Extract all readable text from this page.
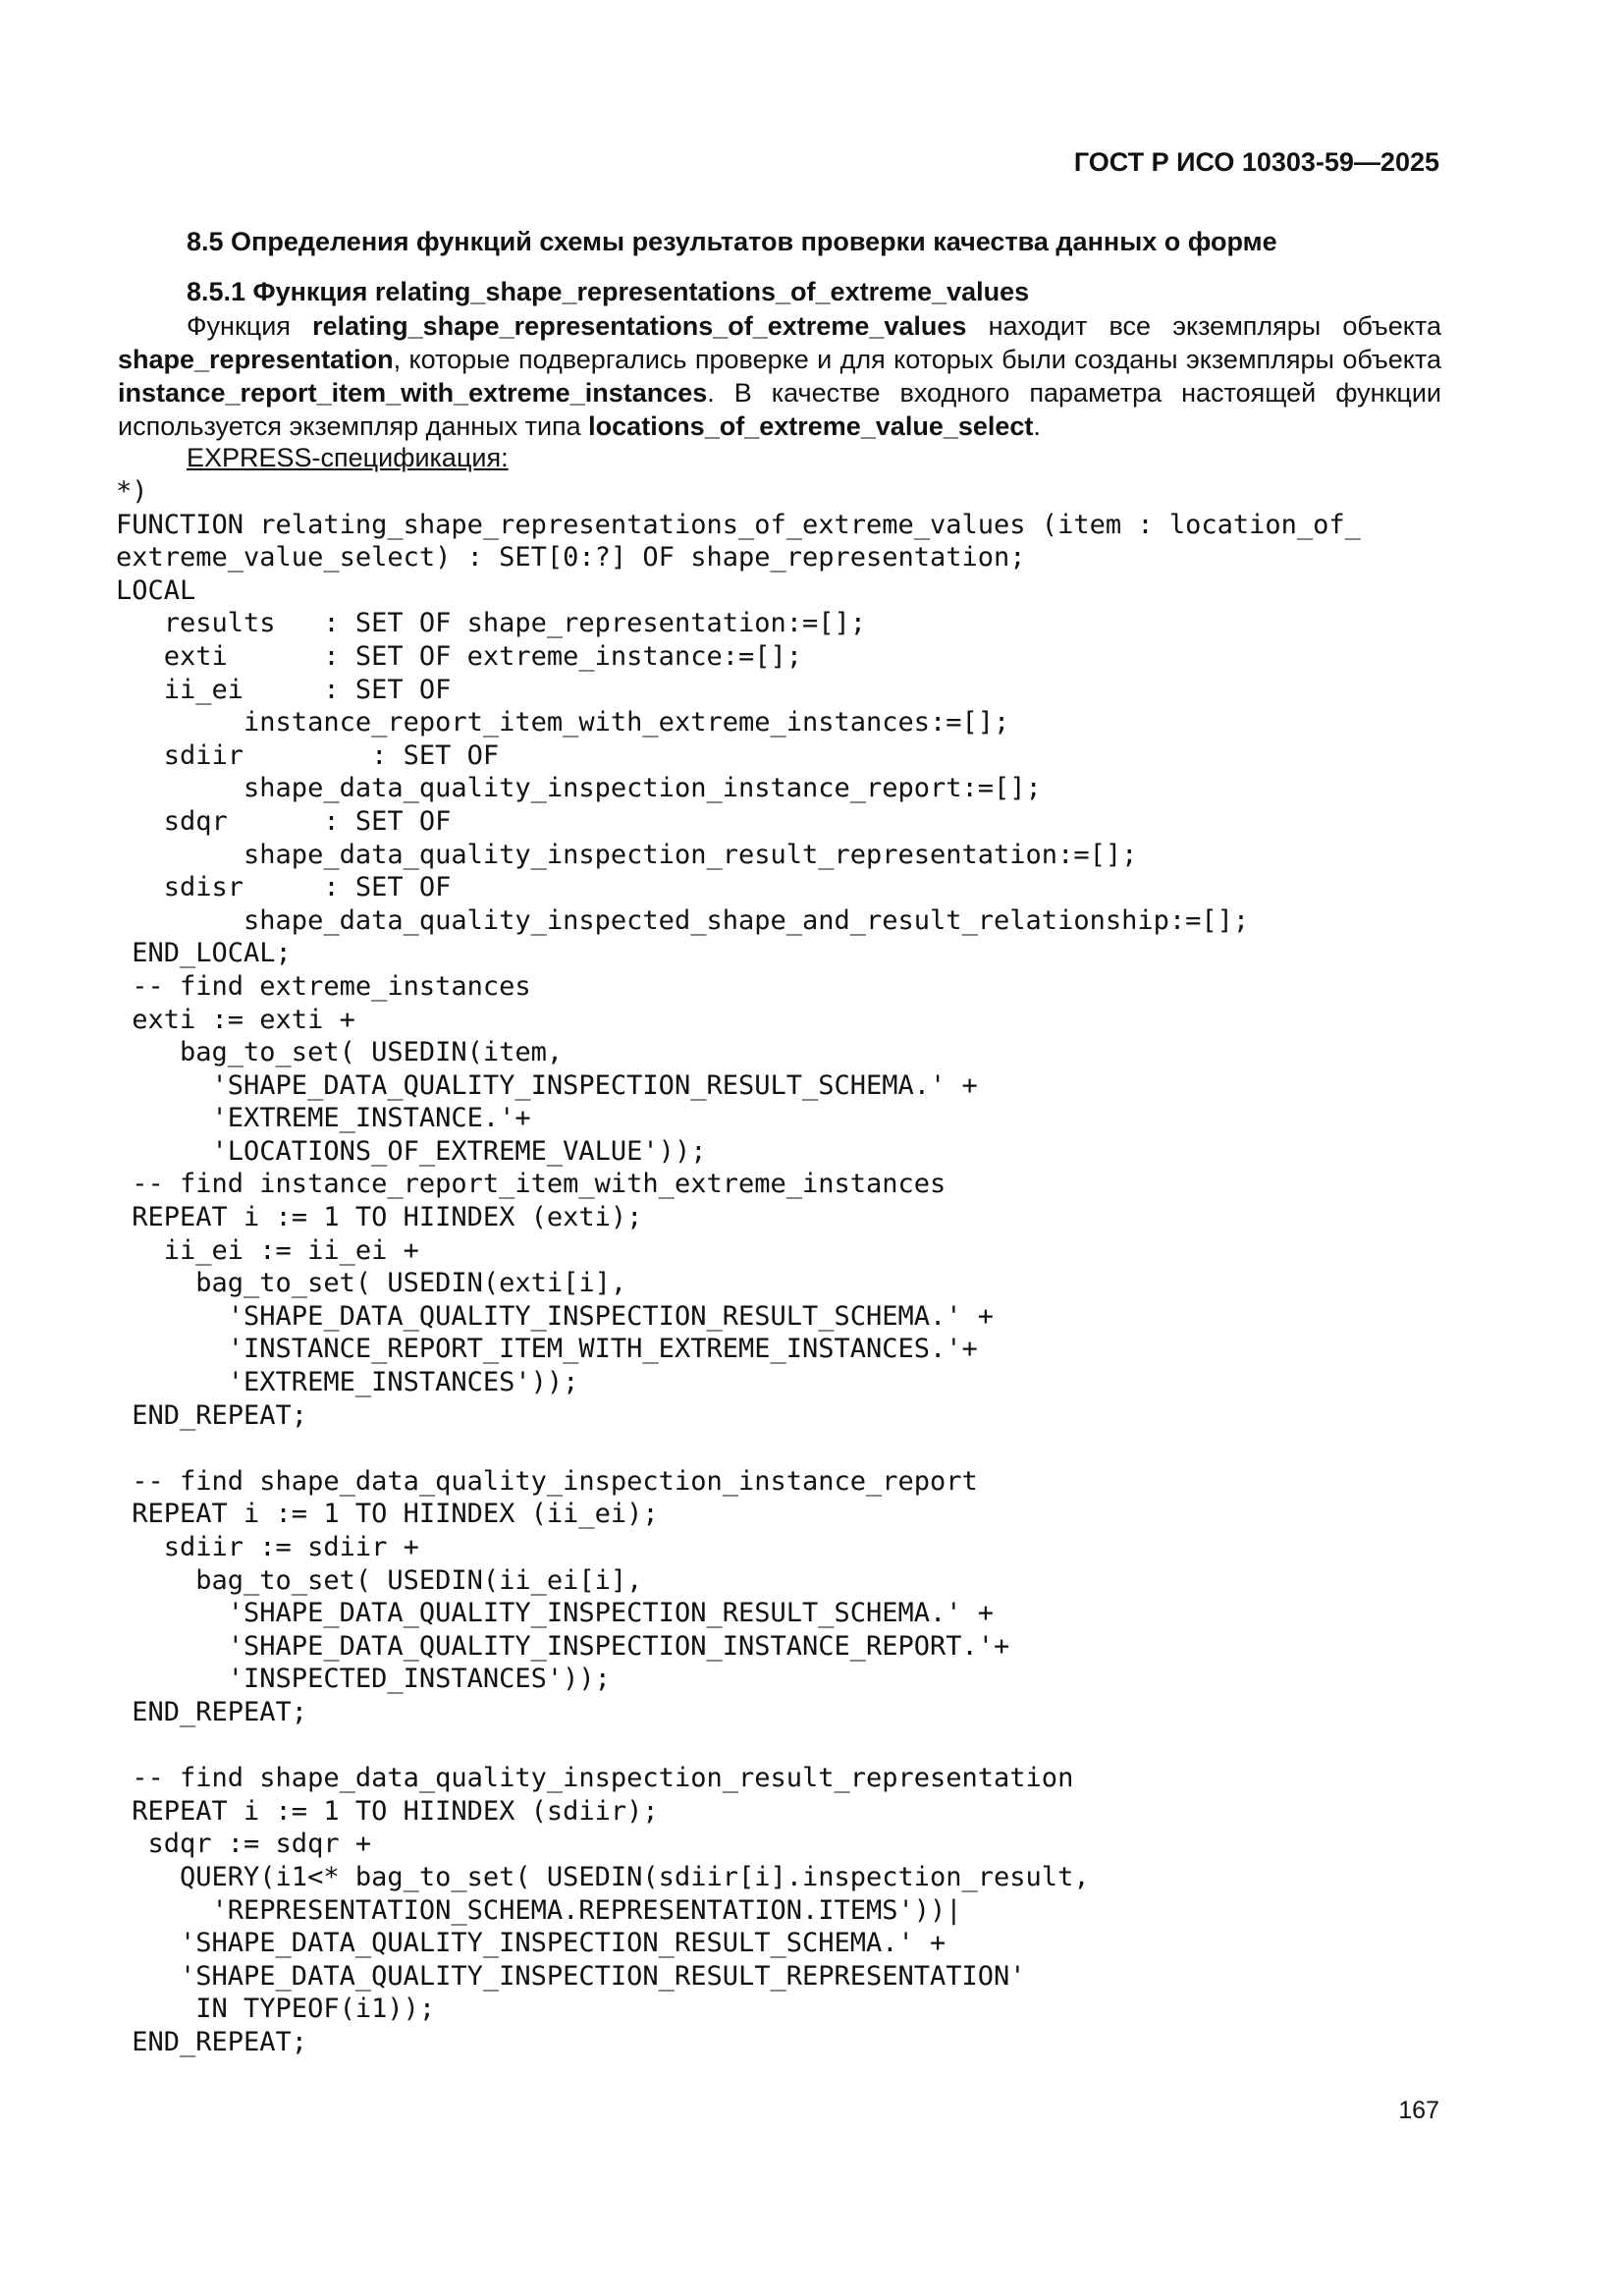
ГОСТ Р ИСО 10303-59—2025
8.5 Определения функций схемы результатов проверки качества данных о форме
8.5.1 Функция relating_shape_representations_of_extreme_values
Функция relating_shape_representations_of_extreme_values находит все экземпляры объекта shape_representation, которые подвергались проверке и для которых были созданы экземпляры объекта instance_report_item_with_extreme_instances. В качестве входного параметра настоящей функции используется экземпляр данных типа locations_of_extreme_value_select.
EXPRESS-спецификация:
*)
FUNCTION relating_shape_representations_of_extreme_values (item : location_of_
extreme_value_select) : SET[0:?] OF shape_representation;
LOCAL
results   : SET OF shape_representation:=[];
exti      : SET OF extreme_instance:=[];
ii_ei     : SET OF
instance_report_item_with_extreme_instances:=[];
sdiir        : SET OF
shape_data_quality_inspection_instance_report:=[];
sdqr      : SET OF
shape_data_quality_inspection_result_representation:=[];
sdisr     : SET OF
shape_data_quality_inspected_shape_and_result_relationship:=[];
END_LOCAL;
-- find extreme_instances
exti := exti +
bag_to_set( USEDIN(item,
'SHAPE_DATA_QUALITY_INSPECTION_RESULT_SCHEMA.' +
'EXTREME_INSTANCE.'+
'LOCATIONS_OF_EXTREME_VALUE'));
-- find instance_report_item_with_extreme_instances
REPEAT i := 1 TO HIINDEX (exti);
ii_ei := ii_ei +
bag_to_set( USEDIN(exti[i],
'SHAPE_DATA_QUALITY_INSPECTION_RESULT_SCHEMA.' +
'INSTANCE_REPORT_ITEM_WITH_EXTREME_INSTANCES.'+
'EXTREME_INSTANCES'));
END_REPEAT;

-- find shape_data_quality_inspection_instance_report
REPEAT i := 1 TO HIINDEX (ii_ei);
sdiir := sdiir +
bag_to_set( USEDIN(ii_ei[i],
'SHAPE_DATA_QUALITY_INSPECTION_RESULT_SCHEMA.' +
'SHAPE_DATA_QUALITY_INSPECTION_INSTANCE_REPORT.'+
'INSPECTED_INSTANCES'));
END_REPEAT;

-- find shape_data_quality_inspection_result_representation
REPEAT i := 1 TO HIINDEX (sdiir);
sdqr := sdqr +
QUERY(i1<* bag_to_set( USEDIN(sdiir[i].inspection_result,
'REPRESENTATION_SCHEMA.REPRESENTATION.ITEMS'))|
'SHAPE_DATA_QUALITY_INSPECTION_RESULT_SCHEMA.' +
'SHAPE_DATA_QUALITY_INSPECTION_RESULT_REPRESENTATION'
IN TYPEOF(i1));
END_REPEAT;
167
